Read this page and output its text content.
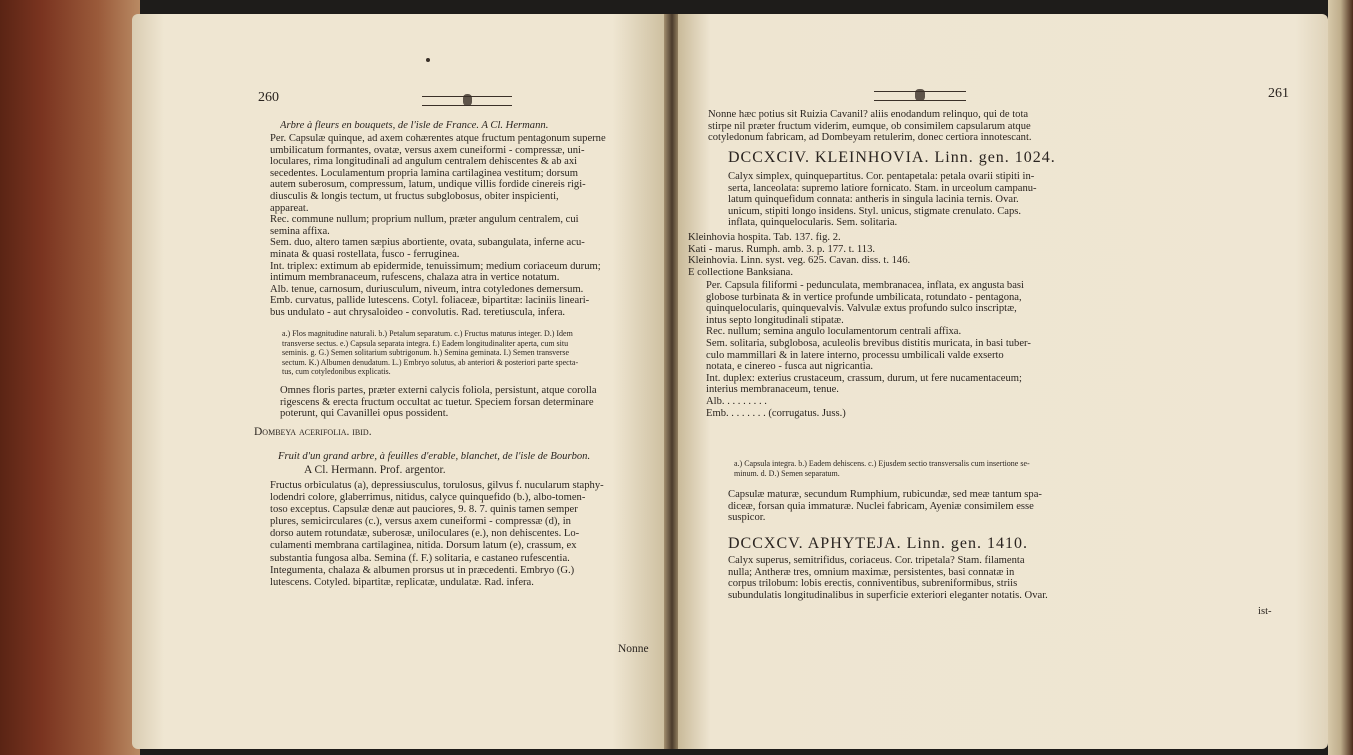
260
Arbre à fleurs en bouquets, de l'isle de France. A Cl. Hermann.
Per. Capsulæ quinque, ad axem cohærentes atque fructum pentagonum superne
umbilicatum formantes, ovatæ, versus axem cuneiformi - compressæ, uni-
loculares, rima longitudinali ad angulum centralem dehiscentes & ab axi
secedentes. Loculamentum propria lamina cartilaginea vestitum; dorsum
autem suberosum, compressum, latum, undique villis fordide cinereis rigi-
diusculis & longis tectum, ut fructus subglobosus, obiter inspicienti,
appareat.
Rec. commune nullum; proprium nullum, præter angulum centralem, cui
semina affixa.
Sem. duo, altero tamen sæpius abortiente, ovata, subangulata, inferne acu-
minata & quasi rostellata, fusco - ferruginea.
Int. triplex: extimum ab epidermide, tenuissimum; medium coriaceum durum;
intimum membranaceum, rufescens, chalaza atra in vertice notatum.
Alb. tenue, carnosum, duriusculum, niveum, intra cotyledones demersum.
Emb. curvatus, pallide lutescens. Cotyl. foliaceæ, bipartitæ: laciniis lineari-
bus undulato - aut chrysaloideo - convolutis. Rad. teretiuscula, infera.
a.) Flos magnitudine naturali. b.) Petalum separatum. c.) Fructus maturus integer. D.) Idem
transverse sectus. e.) Capsula separata integra. f.) Eadem longitudinaliter aperta, cum situ
seminis. g. G.) Semen solitarium subtrigonum. h.) Semina geminata. I.) Semen transverse
sectum. K.) Albumen denudatum. L.) Embryo solutus, ab anteriori & posteriori parte specta-
tus, cum cotyledonibus explicatis.
Omnes floris partes, præter externi calycis foliola, persistunt, atque corolla
rigescens & erecta fructum occultat ac tuetur. Speciem forsan determinare
poterunt, qui Cavanillei opus possident.
Dombeya acerifolia. ibid.
Fruit d'un grand arbre, à feuilles d'erable, blanchet, de l'isle de Bourbon.
A Cl. Hermann. Prof. argentor.
Fructus orbiculatus (a), depressiusculus, torulosus, gilvus f. nucularum staphy-
lodendri colore, glaberrimus, nitidus, calyce quinquefido (b.), albo-tomen-
toso exceptus. Capsulæ denæ aut pauciores, 9. 8. 7. quinis tamen semper
plures, semicirculares (c.), versus axem cuneiformi - compressæ (d), in
dorso autem rotundatæ, suberosæ, uniloculares (e.), non dehiscentes. Lo-
culamenti membrana cartilaginea, nitida. Dorsum latum (e), crassum, ex
substantia fungosa alba. Semina (f. F.) solitaria, e castaneo rufescentia.
Integumenta, chalaza & albumen prorsus ut in præcedenti. Embryo (G.)
lutescens. Cotyled. bipartitæ, replicatæ, undulatæ. Rad. infera.
Nonne
261
Nonne hæc potius sit Ruizia Cavanil? aliis enodandum relinquo, qui de tota
stirpe nil præter fructum viderim, eumque, ob consimilem capsularum atque
cotyledonum fabricam, ad Dombeyam retulerim, donec certiora innotescant.
DCCXCIV. KLEINHOVIA. Linn. gen. 1024.
Calyx simplex, quinquepartitus. Cor. pentapetala: petala ovarii stipiti in-
serta, lanceolata: supremo latiore fornicato. Stam. in urceolum campanu-
latum quinquefidum connata: antheris in singula lacinia ternis. Ovar.
unicum, stipiti longo insidens. Styl. unicus, stigmate crenulato. Caps.
inflata, quinquelocularis. Sem. solitaria.
Kleinhovia hospita. Tab. 137. fig. 2.
Kati - marus. Rumph. amb. 3. p. 177. t. 113.
Kleinhovia. Linn. syst. veg. 625. Cavan. diss. t. 146.
E collectione Banksiana.
Per. Capsula filiformi - pedunculata, membranacea, inflata, ex angusta basi
globose turbinata & in vertice profunde umbilicata, rotundato - pentagona,
quinquelocularis, quinquevalvis. Valvulæ extus profundo sulco inscriptæ,
intus septo longitudinali stipatæ.
Rec. nullum; semina angulo loculamentorum centrali affixa.
Sem. solitaria, subglobosa, aculeolis brevibus distitis muricata, in basi tuber-
culo mammillari & in latere interno, processu umbilicali valde exserto
notata, e cinereo - fusca aut nigricantia.
Int. duplex: exterius crustaceum, crassum, durum, ut fere nucamentaceum;
interius membranaceum, tenue.
Alb. . . . . . . . .
Emb. . . . . . . . (corrugatus. Juss.)
a.) Capsula integra. b.) Eadem dehiscens. c.) Ejusdem sectio transversalis cum insertione se-
minum. d. D.) Semen separatum.
Capsulæ maturæ, secundum Rumphium, rubicundæ, sed meæ tantum spa-
diceæ, forsan quia immaturæ. Nuclei fabricam, Ayeniæ consimilem esse
suspicor.
DCCXCV. APHYTEJA. Linn. gen. 1410.
Calyx superus, semitrifidus, coriaceus. Cor. tripetala? Stam. filamenta
nulla; Antheræ tres, omnium maximæ, persistentes, basi connatæ in
corpus trilobum: lobis erectis, conniventibus, subreniformibus, striis
subundulatis longitudinalibus in superficie exteriori eleganter notatis. Ovar.
ist-
